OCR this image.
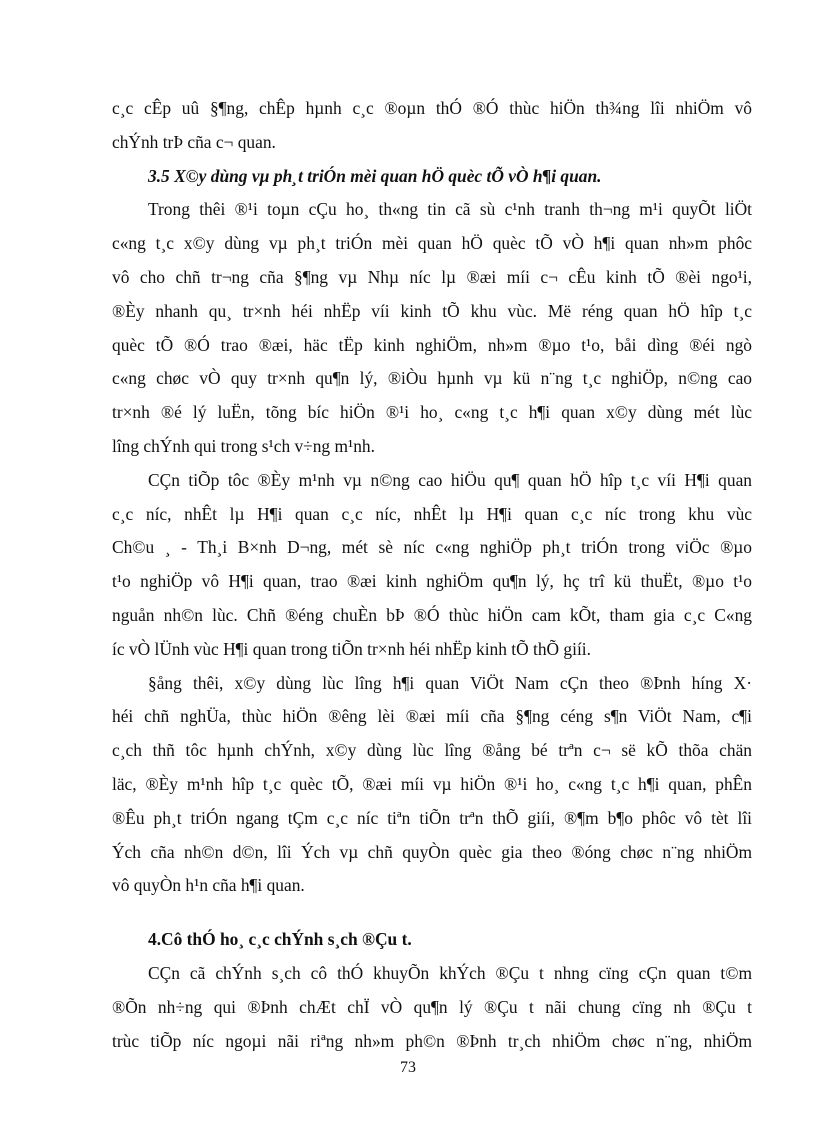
c¸c cÊp uû §¶ng, chÊp hµnh c¸c ®oµn thÓ ®Ó thùc hiÖn th¾ng lîi nhiÖm vô
chÝnh trÞ cña c¬ quan.
3.5 X©y dùng vµ ph¸t triÓn mèi quan hÖ quèc tÕ vÒ h¶i quan.
Trong thêi ®¹i toµn cÇu ho¸ th«ng tin cã sù c¹nh tranh th¬ng m¹i quyÕt liÖt
c«ng t¸c x©y dùng vµ ph¸t triÓn mèi quan hÖ quèc tÕ vÒ h¶i quan nh»m phôc
vô cho chñ tr¬ng cña §¶ng vµ Nhµ níc lµ ®æi míi c¬ cÊu kinh tÕ ®èi ngo¹i,
®Èy nhanh qu¸ tr×nh héi nhËp víi kinh tÕ khu vùc. Më réng quan hÖ hîp t¸c
quèc tÕ ®Ó trao ®æi, häc tËp kinh nghiÖm, nh»m ®µo t¹o, båi dìng ®éi ngò
c«ng chøc vÒ quy tr×nh qu¶n lý, ®iÒu hµnh vµ kü n¨ng t¸c nghiÖp, n©ng cao
tr×nh ®é lý luËn, tõng bíc hiÖn ®¹i ho¸ c«ng t¸c h¶i quan x©y dùng mét lùc
lîng chÝnh qui trong s¹ch v÷ng m¹nh.
CÇn tiÕp tôc ®Èy m¹nh vµ n©ng cao hiÖu qu¶ quan hÖ hîp t¸c víi H¶i quan
c¸c níc, nhÊt lµ H¶i quan c¸c níc, nhÊt lµ H¶i quan c¸c níc trong khu vùc
Ch©u ¸ - Th¸i B×nh D¬ng, mét sè níc c«ng nghiÖp ph¸t triÓn trong viÖc ®µo
t¹o nghiÖp vô H¶i quan, trao ®æi kinh nghiÖm qu¶n lý, hç trî kü thuËt, ®µo t¹o
nguån nh©n lùc. Chñ ®éng chuÈn bÞ ®Ó thùc hiÖn cam kÕt, tham gia c¸c C«ng
íc vÒ lÜnh vùc H¶i quan trong tiÕn tr×nh héi nhËp kinh tÕ thÕ giíi.
§ång thêi, x©y dùng lùc lîng h¶i quan ViÖt Nam cÇn theo ®Þnh híng X·
héi chñ nghÜa, thùc hiÖn ®êng lèi ®æi míi cña §¶ng céng s¶n ViÖt Nam, c¶i
c¸ch thñ tôc hµnh chÝnh, x©y dùng lùc lîng ®ång bé trªn c¬ së kÕ thõa chän
läc, ®Èy m¹nh hîp t¸c quèc tÕ, ®æi míi vµ hiÖn ®¹i ho¸ c«ng t¸c h¶i quan, phÊn
®Êu ph¸t triÓn ngang tÇm c¸c níc tiªn tiÕn trªn thÕ giíi, ®¶m b¶o phôc vô tèt lîi
Ých cña nh©n d©n, lîi Ých vµ chñ quyÒn quèc gia theo ®óng chøc n¨ng nhiÖm
vô quyÒn h¹n cña h¶i quan.
4.Cô thÓ ho¸ c¸c chÝnh s¸ch ®Çu t.
CÇn cã chÝnh s¸ch cô thÓ khuyÕn khÝch ®Çu t nhng cïng cÇn quan t©m
®Õn nh÷ng qui ®Þnh chÆt chÏ vÒ qu¶n lý ®Çu t nãi chung cïng nh ®Çu t
trùc tiÕp níc ngoµi nãi riªng nh»m ph©n ®Þnh tr¸ch nhiÖm chøc n¨ng, nhiÖm
73
